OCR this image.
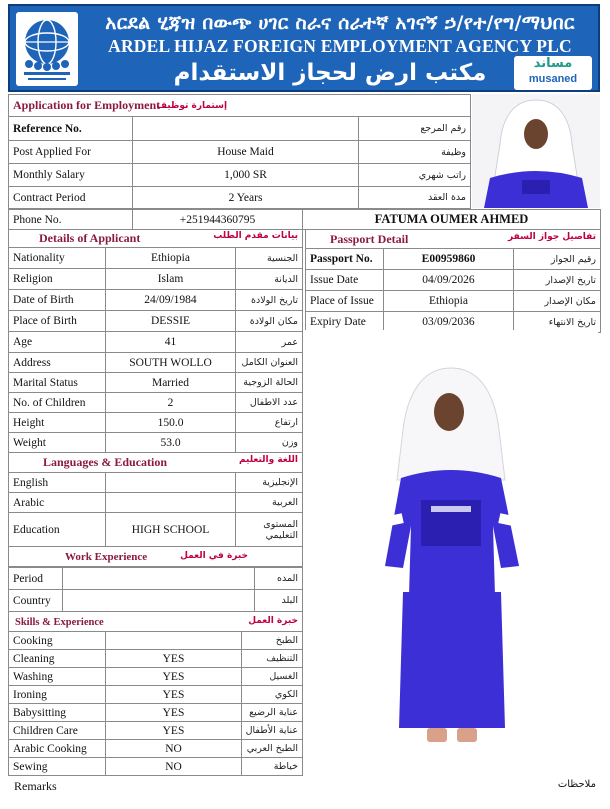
አርደል ሂጃዝ በውጭ ሀገር ስራና ሰራተኛ አገናኝ ኃ/የተ/የግ/ማህበር
ARDEL HIJAZ FOREIGN EMPLOYMENT AGENCY PLC
مكتب ارض لحجاز الاستقدام	مساند
musaned
Application for Employment	إستمارة توظيف	

Reference No.		رقم المرجع
Post Applied For	House Maid	وظيفة
Monthly Salary	1,000 SR	راتب شهري
Contract Period	2 Years	مدة العقد
Phone No.	+251944360795	FATUMA OUMER AHMED
Details of Applicant بيانات مقدم الطلب		

Nationality	Ethiopia	الجنسية
Religion	Islam	الديانة
Date of Birth	24/09/1984	تاريخ الولادة
Place of Birth	DESSIE	مكان الولادة
Age	41	عمر
Address	SOUTH WOLLO	العنوان الكامل
Marital Status	Married	الحالة الزوجية
No. of Children	2	عدد الاطفال
Height	150.0	ارتفاع
Weight	53.0	وزن
Languages & Education اللغة والتعليم		

English		الإنجليزية
Arabic		العربية
Education	HIGH SCHOOL	المستوى التعليمي
Work Experience خبرة في العمل		
Period		المده
Country		البلد
Skills & Experience خبرة العمل		

Cooking		الطبخ
Cleaning	YES	التنظيف
Washing	YES	الغسيل
Ironing	YES	الكوي
Babysitting	YES	عناية الرضيع
Children Care	YES	عناية الأطفال
Arabic Cooking	NO	الطبخ العربي
Sewing	NO	خياطة
Passport Detail تفاصيل جواز السفر		

Passport No.	E00959860	رقيم الجواز
Issue Date	04/09/2026	تاريخ الإصدار
Place of Issue	Ethiopia	مكان الإصدار
Expiry Date	03/09/2036	تاريخ الانتهاء
Remarks	ملاحظات
